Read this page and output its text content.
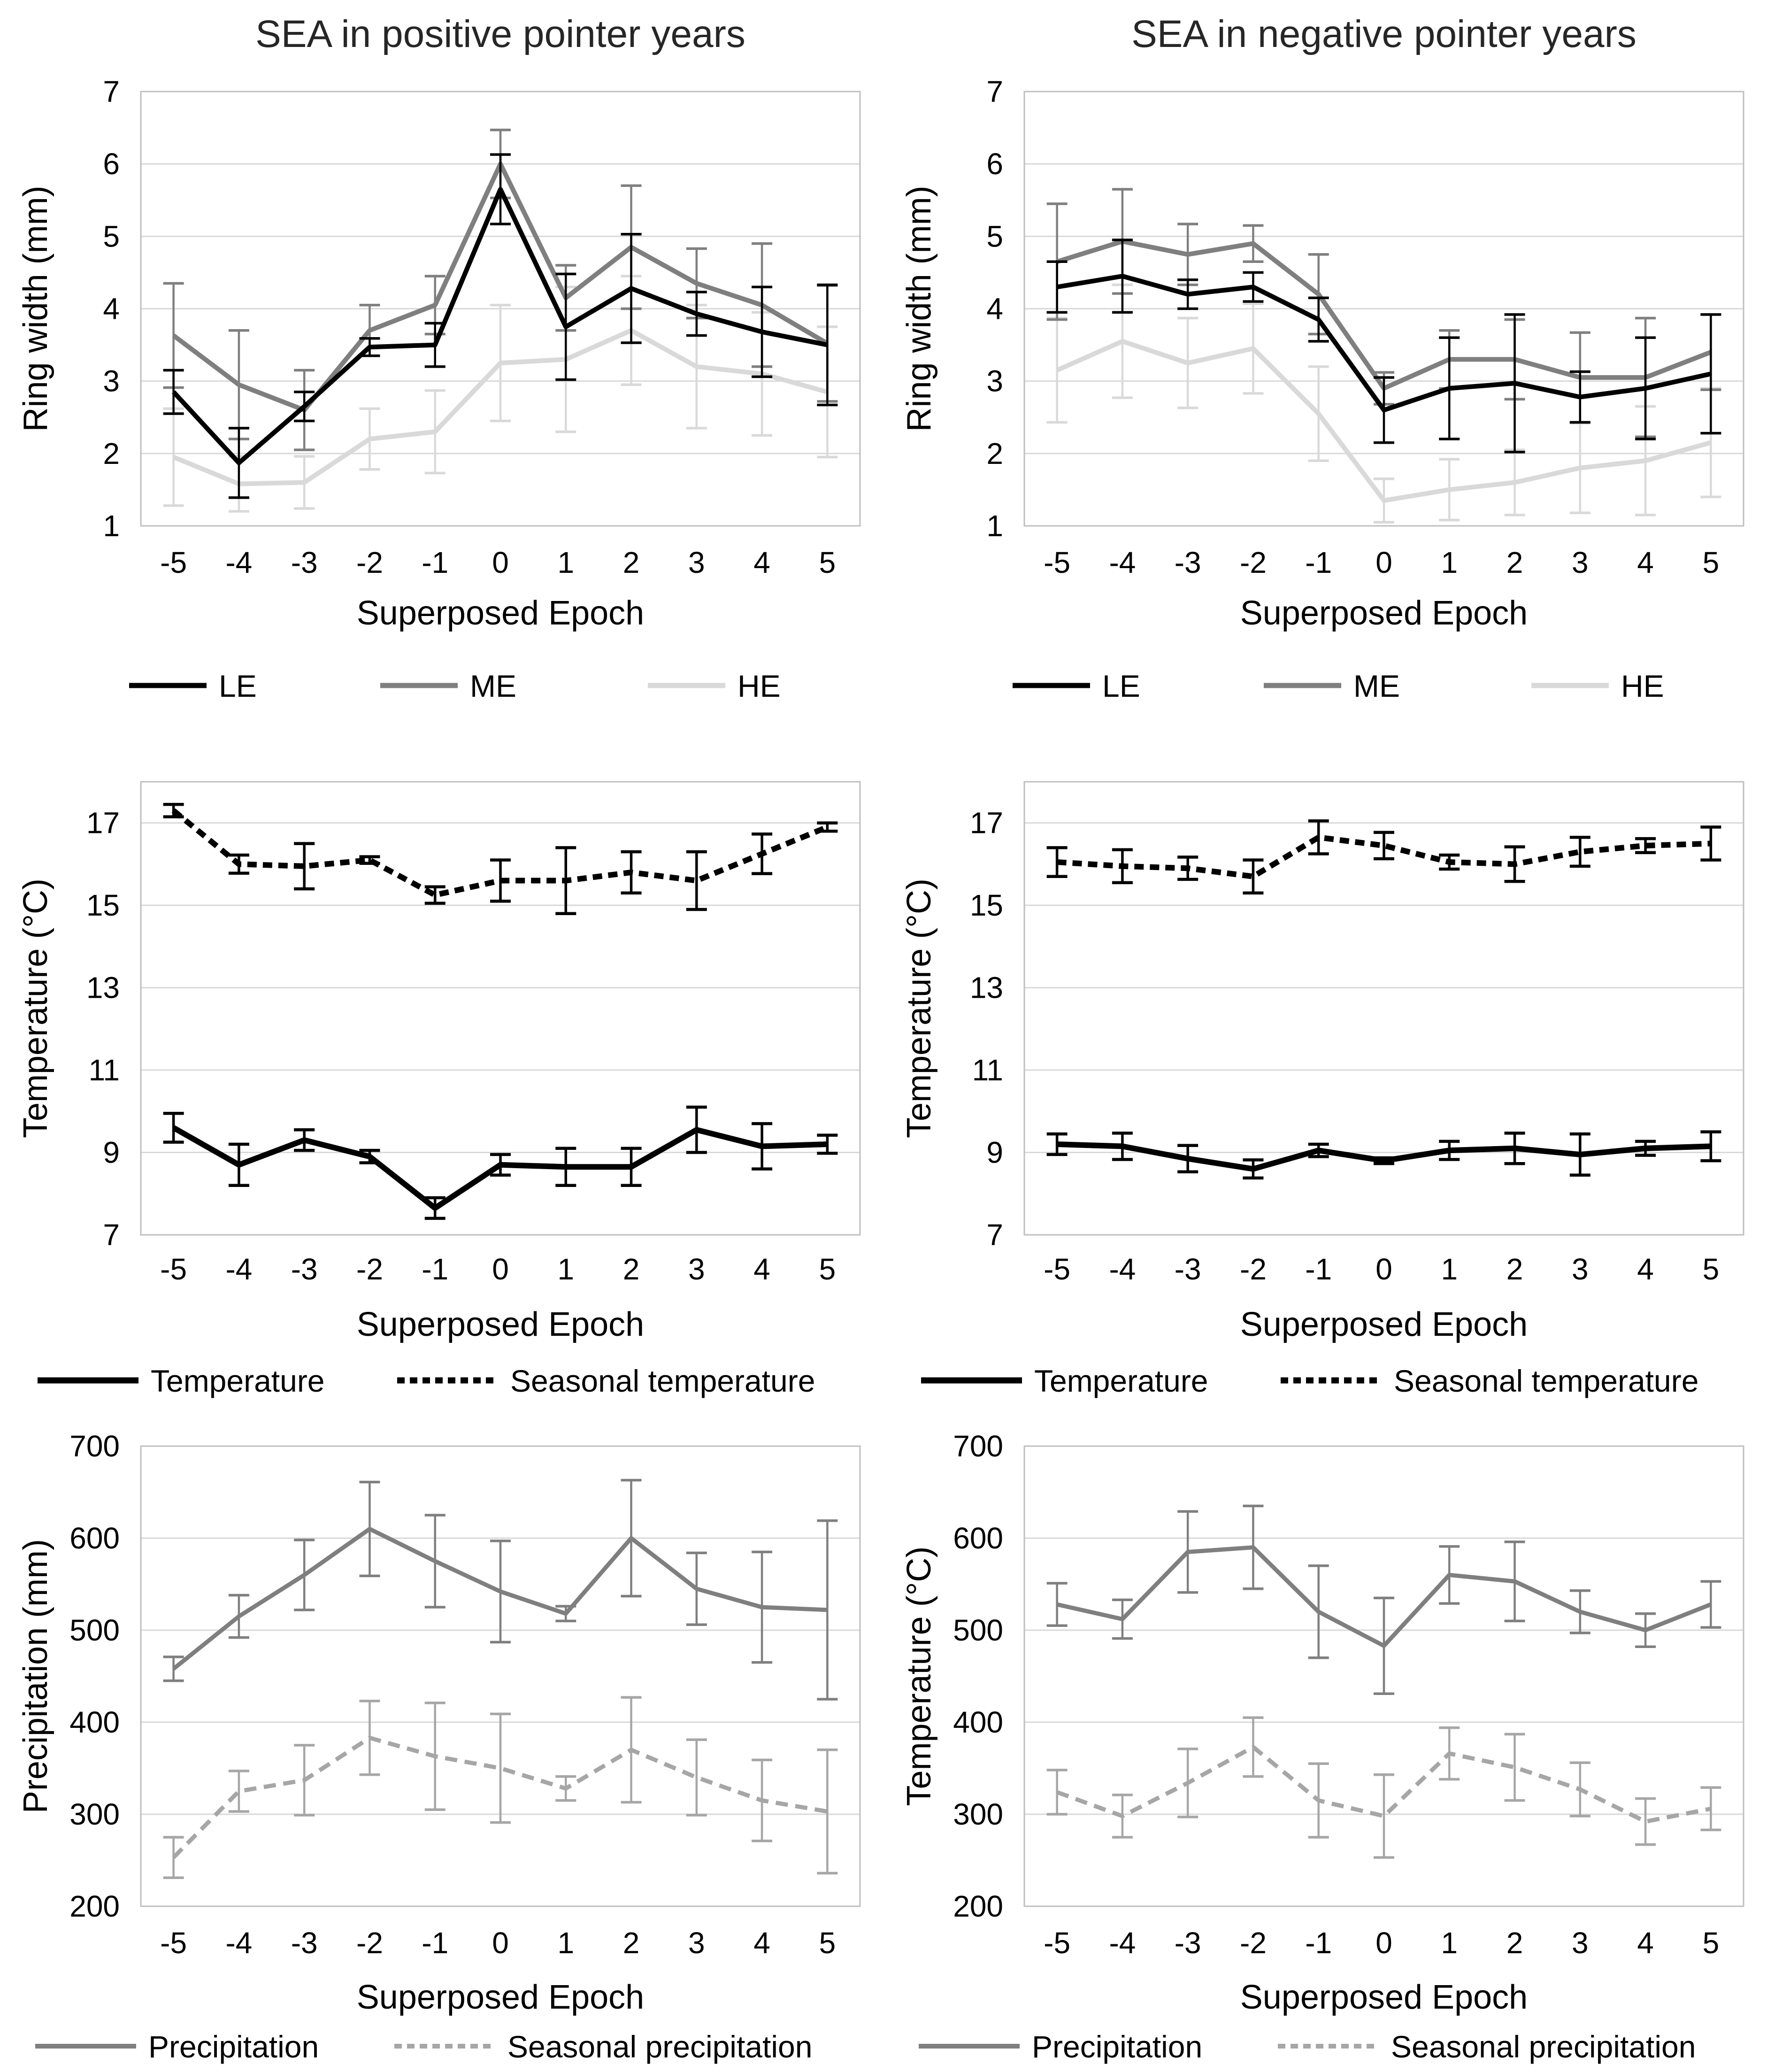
1
2
3
4
5
6
7
Ring width (mm)
SEA in positive pointer years
-5 -4 -3 -2 -1 0 1 2 3 4 5
Superposed Epoch
LE	ME	HE
1
2
3
4
5
6
7
Ring width (mm)
SEA in negative pointer years
-5 -4 -3 -2 -1 0 1 2 3 4 5
Superposed Epoch
LE	ME	HE
7
9
11
13
15
17
Temperature (°C)
-5 -4 -3 -2 -1 0 1 2 3 4 5
Superposed Epoch
Temperature	Seasonal temperature
7
9
11
13
15
17
Temperature (°C)
-5 -4 -3 -2 -1 0 1 2 3 4 5
Superposed Epoch
Temperature	Seasonal temperature
200
300
400
500
600
700
Precipitation (mm)
-5 -4 -3 -2 -1 0 1 2 3 4 5
Superposed Epoch
Precipitation	Seasonal precipitation
200
300
400
500
600
700
Temperature (°C)
-5 -4 -3 -2 -1 0 1 2 3 4 5
Superposed Epoch
Precipitation	Seasonal precipitation
